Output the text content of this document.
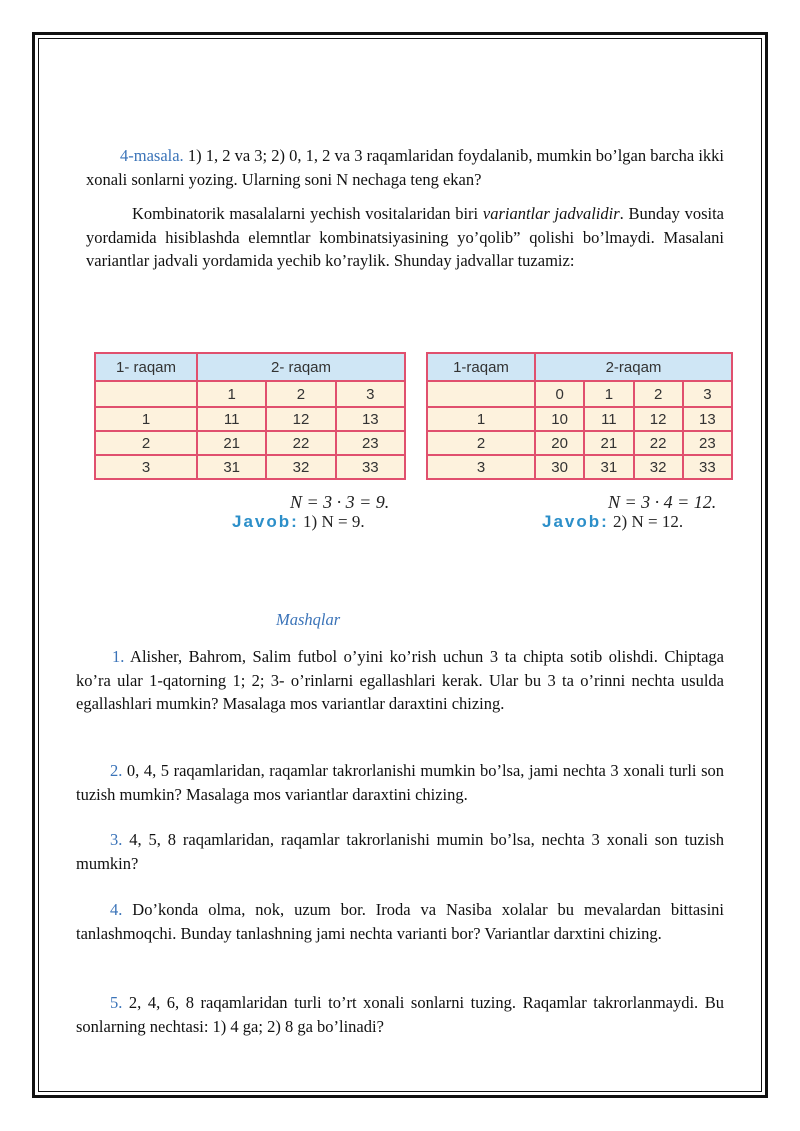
4-masala. 1) 1, 2 va 3; 2) 0, 1, 2 va 3 raqamlaridan foydalanib, mumkin bo’lgan barcha ikki xonali sonlarni yozing. Ularning soni N nechaga teng ekan?

Kombinatorik masalalarni yechish vositalaridan biri variantlar jadvalidir. Bunday vosita yordamida hisiblashda elemntlar kombinatsiyasining yo’qolib” qolishi bo’lmaydi. Masalani variantlar jadvali yordamida yechib ko’raylik. Shunday jadvallar tuzamiz:

1- raqam	2- raqam		
	1	2	3
1	11	12	13
2	21	22	23
3	31	32	33
1-raqam	2-raqam			
	0	1	2	3
1	10	11	12	13
2	20	21	22	23
3	30	31	32	33
N = 3 · 3 = 9.
Javob: 1) N = 9.
N = 3 · 4 = 12.
Javob: 2) N = 12.
Mashqlar

1. Alisher, Bahrom, Salim futbol o’yini ko’rish uchun 3 ta chipta sotib olishdi. Chiptaga ko’ra ular 1-qatorning 1; 2; 3- o’rinlarni egallashlari kerak. Ular bu 3 ta o’rinni nechta usulda egallashlari mumkin? Masalaga mos variantlar daraxtini chizing.

2. 0, 4, 5 raqamlaridan, raqamlar takrorlanishi mumkin bo’lsa, jami nechta 3 xonali turli son tuzish mumkin? Masalaga mos variantlar daraxtini chizing.

3. 4, 5, 8 raqamlaridan, raqamlar takrorlanishi mumin bo’lsa, nechta 3 xonali son tuzish mumkin?

4. Do’konda olma, nok, uzum bor. Iroda va Nasiba xolalar bu mevalardan bittasini tanlashmoqchi. Bunday tanlashning jami nechta varianti bor? Variantlar darxtini chizing.

5. 2, 4, 6, 8 raqamlaridan turli to’rt xonali sonlarni tuzing. Raqamlar takrorlanmaydi. Bu sonlarning nechtasi: 1) 4 ga; 2) 8 ga bo’linadi?
